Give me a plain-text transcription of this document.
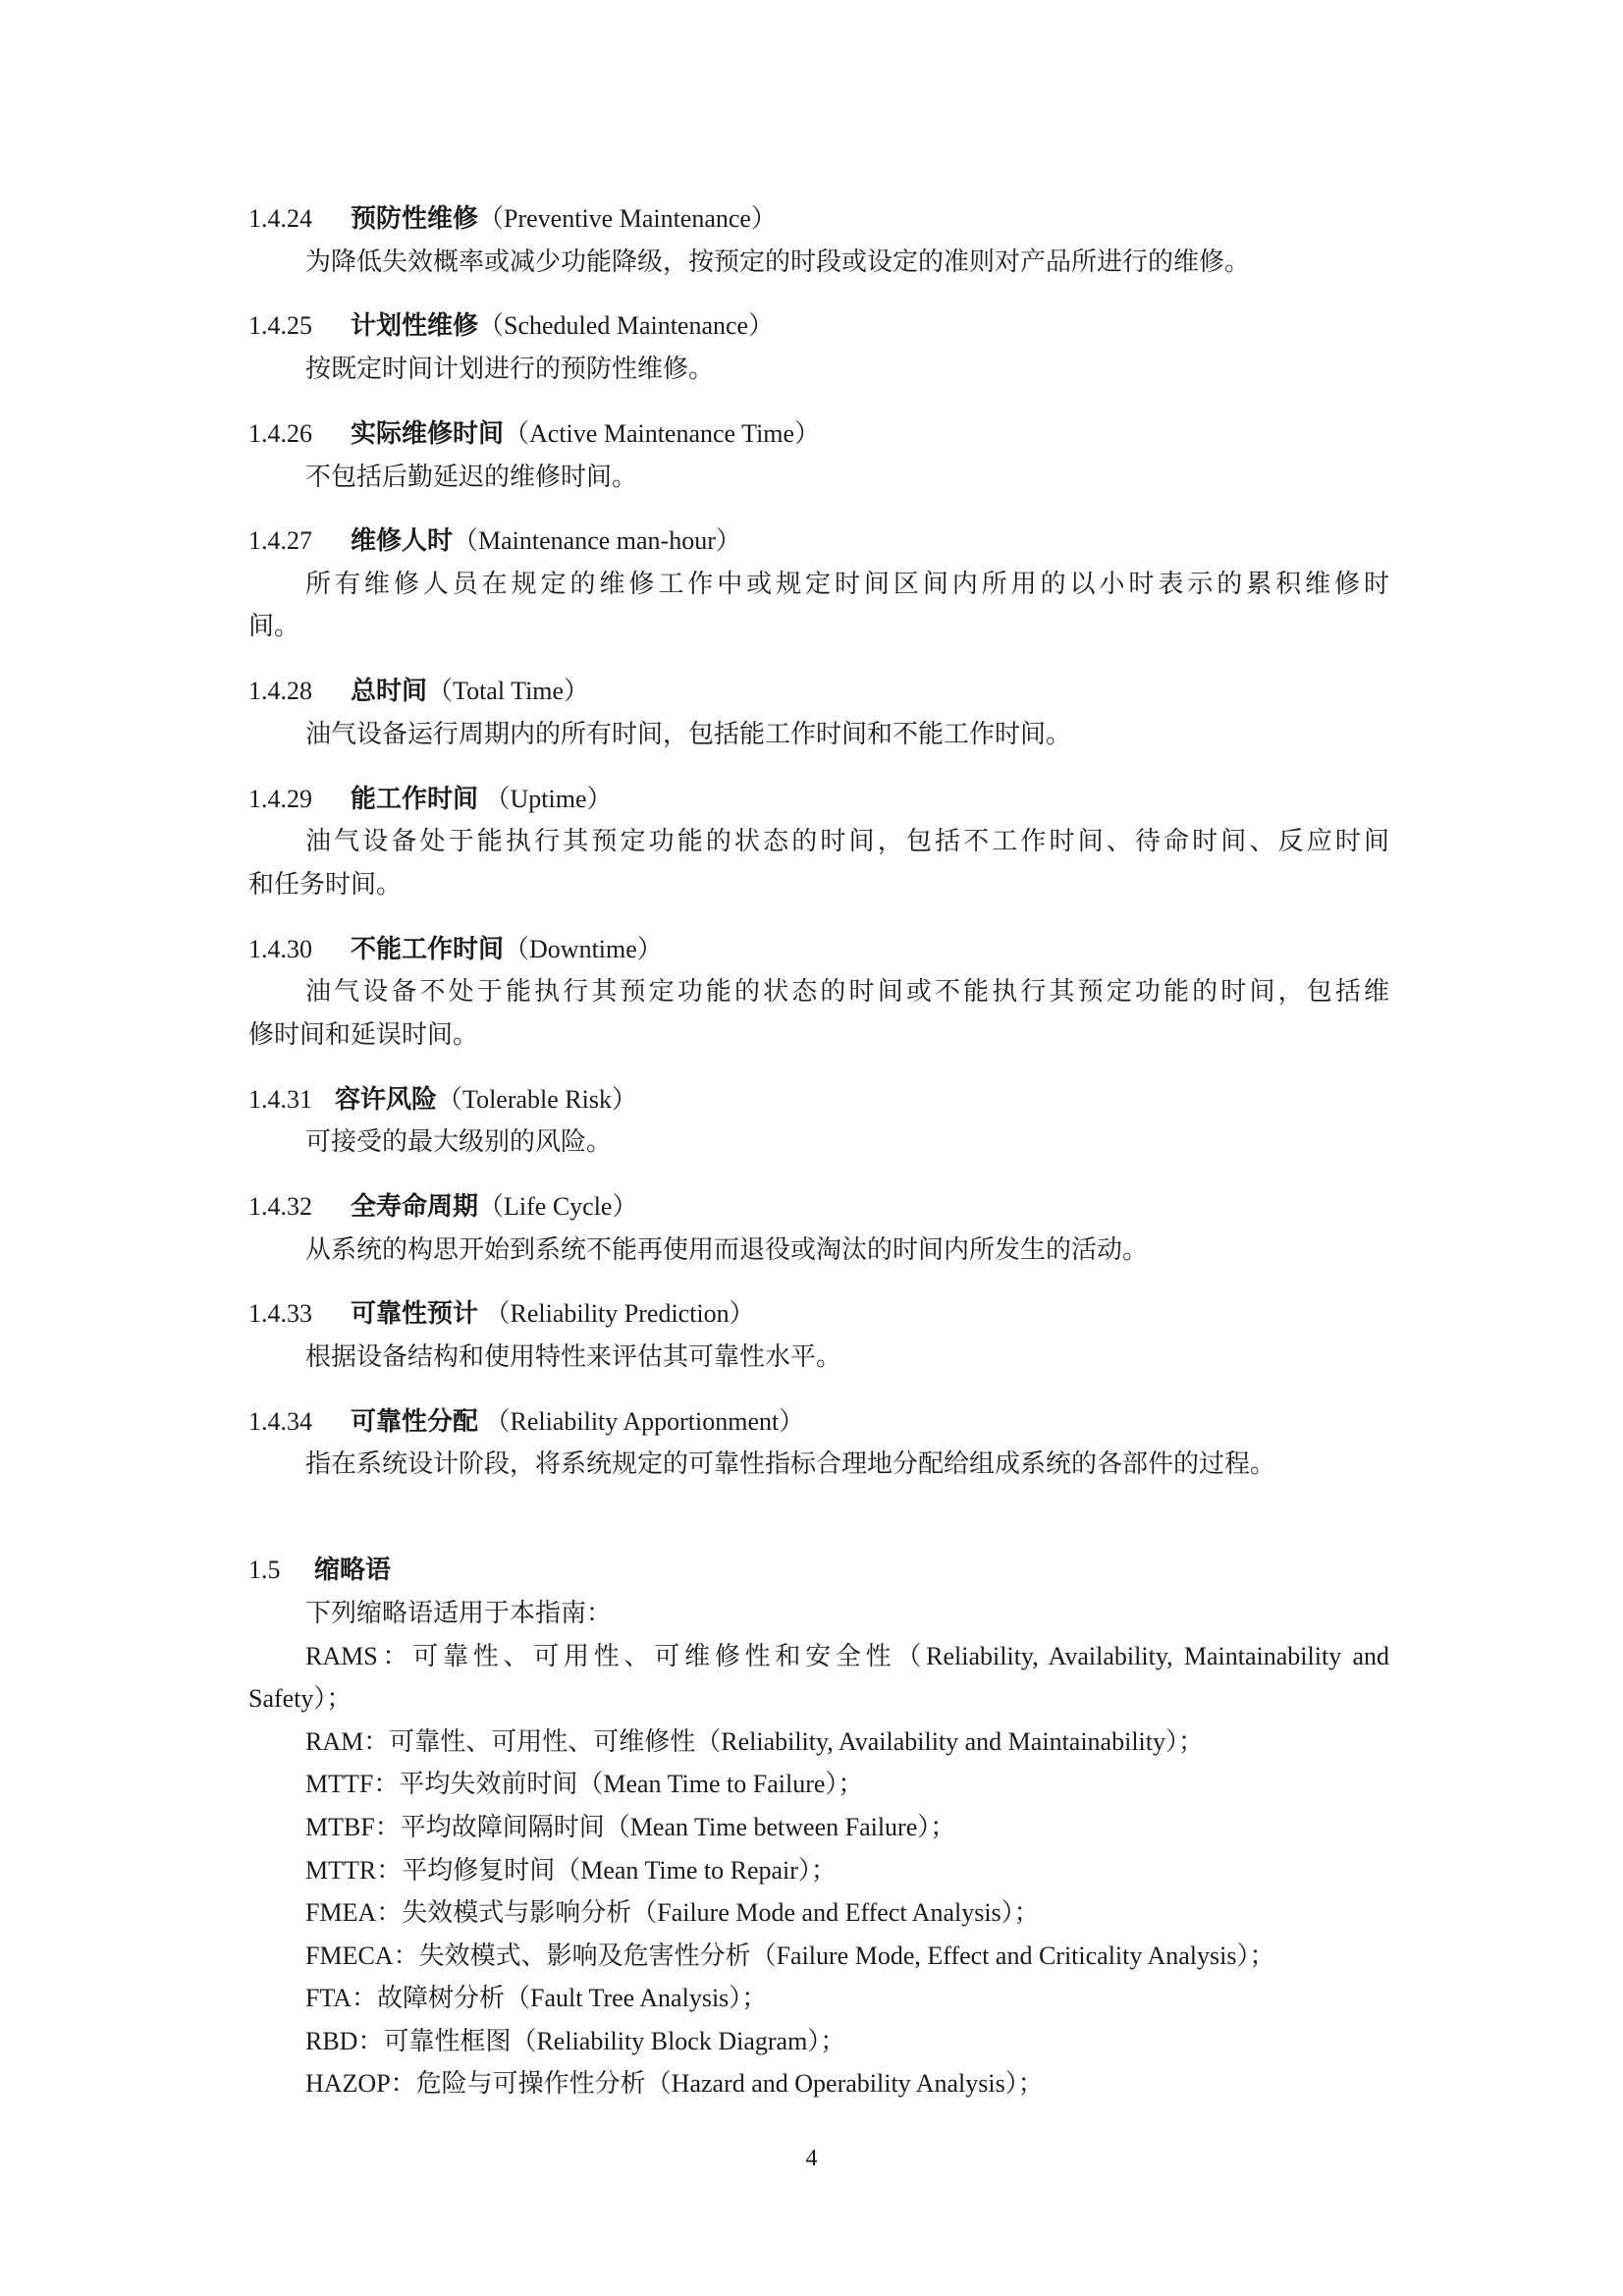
1.4.24 预防性维修（Preventive Maintenance）
为降低失效概率或减少功能降级，按预定的时段或设定的准则对产品所进行的维修。
1.4.25 计划性维修（Scheduled Maintenance）
按既定时间计划进行的预防性维修。
1.4.26 实际维修时间（Active Maintenance Time）
不包括后勤延迟的维修时间。
1.4.27 维修人时（Maintenance man-hour）
所有维修人员在规定的维修工作中或规定时间区间内所用的以小时表示的累积维修时
间。
1.4.28 总时间（Total Time）
油气设备运行周期内的所有时间，包括能工作时间和不能工作时间。
1.4.29 能工作时间 （Uptime）
油气设备处于能执行其预定功能的状态的时间，包括不工作时间、待命时间、反应时间
和任务时间。
1.4.30 不能工作时间（Downtime）
油气设备不处于能执行其预定功能的状态的时间或不能执行其预定功能的时间，包括维
修时间和延误时间。
1.4.31 容许风险（Tolerable Risk）
可接受的最大级别的风险。
1.4.32 全寿命周期（Life Cycle）
从系统的构思开始到系统不能再使用而退役或淘汰的时间内所发生的活动。
1.4.33 可靠性预计 （Reliability Prediction）
根据设备结构和使用特性来评估其可靠性水平。
1.4.34 可靠性分配 （Reliability Apportionment）
指在系统设计阶段，将系统规定的可靠性指标合理地分配给组成系统的各部件的过程。
1.5 缩略语
下列缩略语适用于本指南：
RAMS：可靠性、可用性、可维修性和安全性（Reliability, Availability, Maintainability and
Safety）；
RAM：可靠性、可用性、可维修性（Reliability, Availability and Maintainability）；
MTTF：平均失效前时间（Mean Time to Failure）；
MTBF：平均故障间隔时间（Mean Time between Failure）；
MTTR：平均修复时间（Mean Time to Repair）；
FMEA：失效模式与影响分析（Failure Mode and Effect Analysis）；
FMECA：失效模式、影响及危害性分析（Failure Mode, Effect and Criticality Analysis）；
FTA：故障树分析（Fault Tree Analysis）；
RBD：可靠性框图（Reliability Block Diagram）；
HAZOP：危险与可操作性分析（Hazard and Operability Analysis）；
4
